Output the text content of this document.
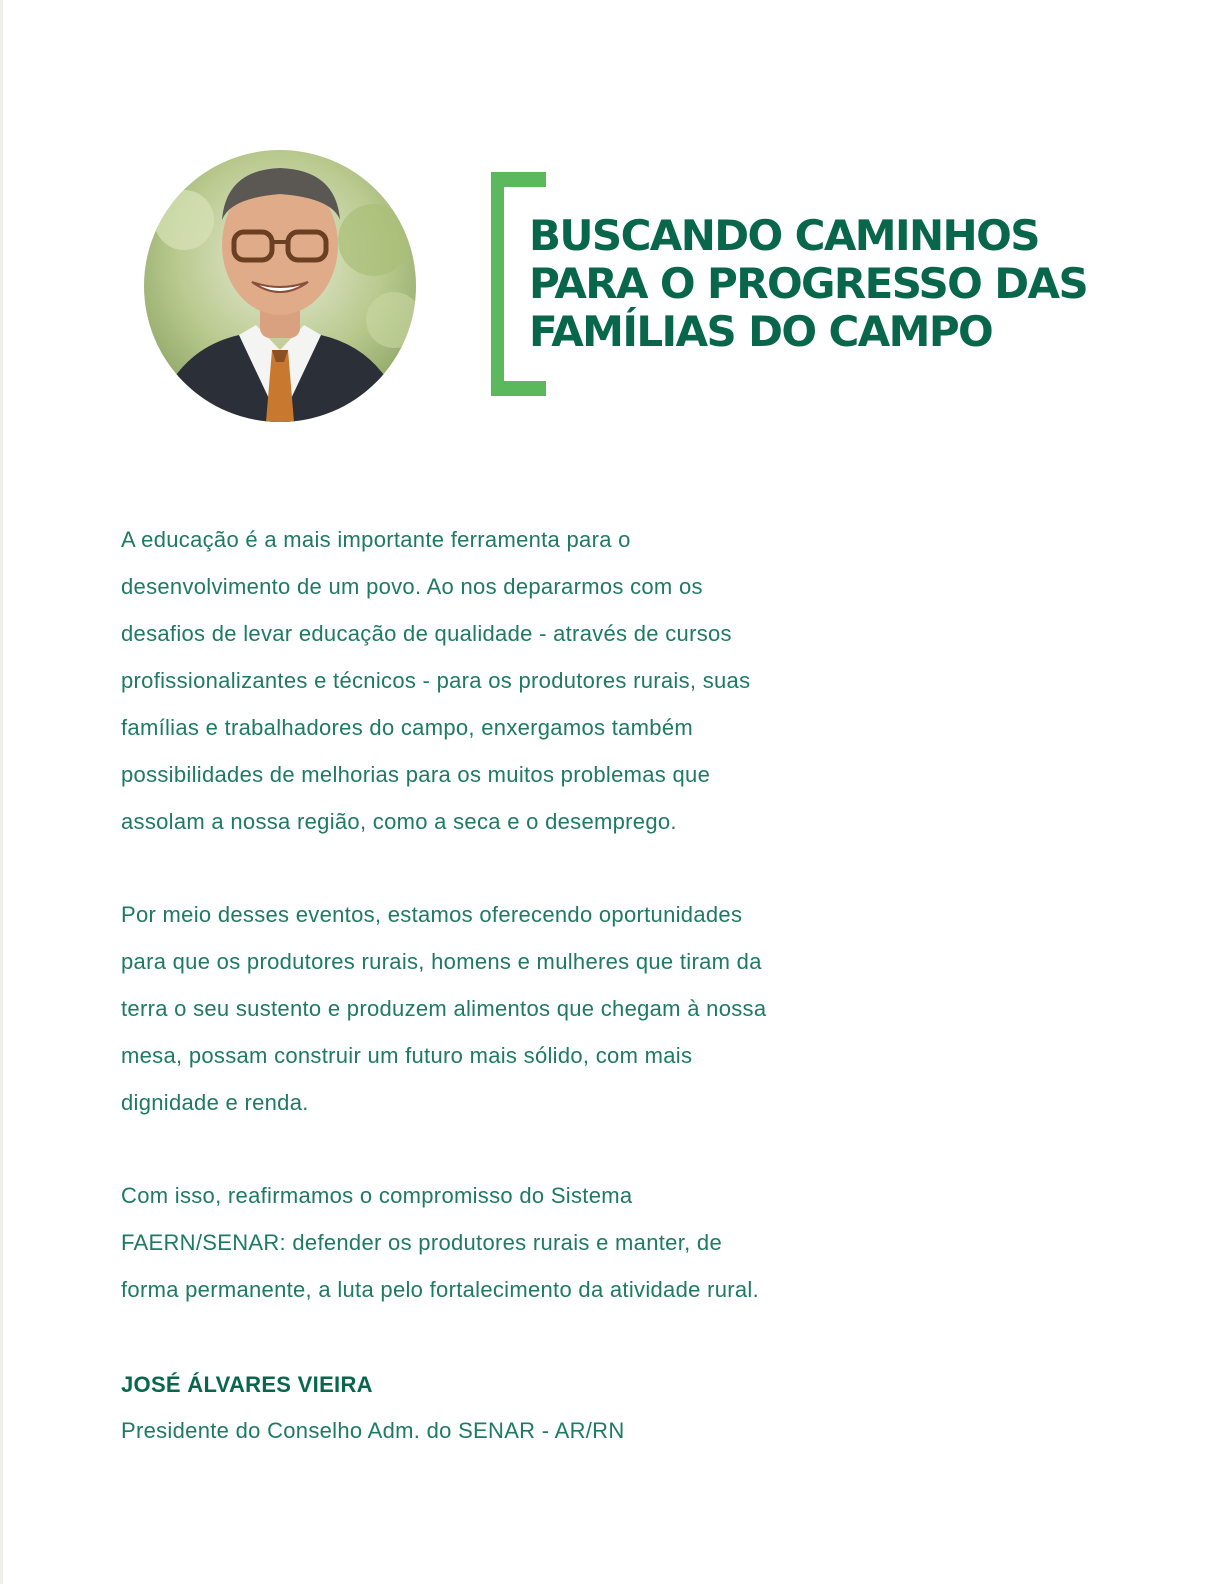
BUSCANDO CAMINHOS
PARA O PROGRESSO DAS
FAMÍLIAS DO CAMPO

A educação é a mais importante ferramenta para o
desenvolvimento de um povo. Ao nos depararmos com os
desafios de levar educação de qualidade - através de cursos
profissionalizantes e técnicos - para os produtores rurais, suas
famílias e trabalhadores do campo, enxergamos também
possibilidades de melhorias para os muitos problemas que
assolam a nossa região, como a seca e o desemprego.

Por meio desses eventos, estamos oferecendo oportunidades
para que os produtores rurais, homens e mulheres que tiram da
terra o seu sustento e produzem alimentos que chegam à nossa
mesa, possam construir um futuro mais sólido, com mais
dignidade e renda.

Com isso, reafirmamos o compromisso do Sistema
FAERN/SENAR: defender os produtores rurais e manter, de
forma permanente, a luta pelo fortalecimento da atividade rural.

JOSÉ ÁLVARES VIEIRA

Presidente do Conselho Adm. do SENAR - AR/RN
